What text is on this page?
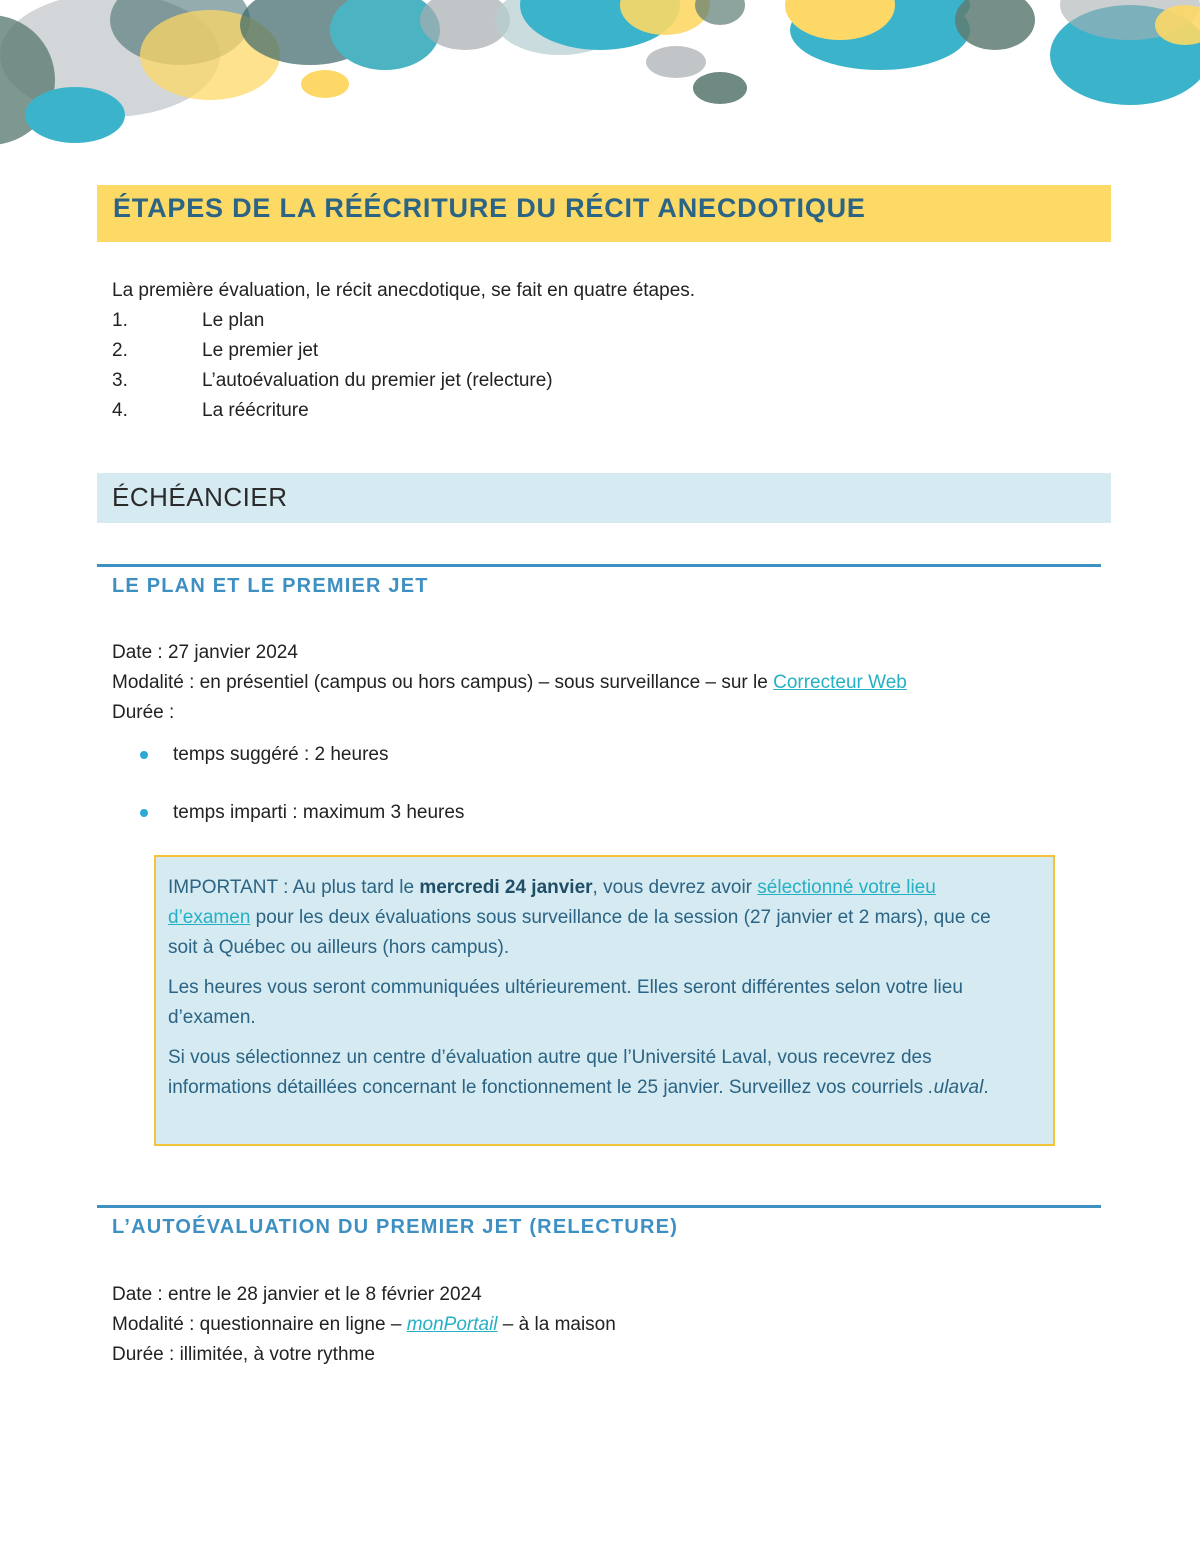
ÉTAPES DE LA RÉÉCRITURE DU RÉCIT ANECDOTIQUE

La première évaluation, le récit anecdotique, se fait en quatre étapes.

1.	Le plan
2.	Le premier jet
3.	L’autoévaluation du premier jet (relecture)
4.	La réécriture
ÉCHÉANCIER
LE PLAN ET LE PREMIER JET

Date : 27 janvier 2024

Modalité : en présentiel (campus ou hors campus) – sous surveillance – sur le Correcteur Web

Durée :

temps suggéré : 2 heures
temps imparti : maximum 3 heures

IMPORTANT : Au plus tard le mercredi 24 janvier, vous devrez avoir sélectionné votre lieu d’examen pour les deux évaluations sous surveillance de la session (27 janvier et 2 mars), que ce soit à Québec ou ailleurs (hors campus).

Les heures vous seront communiquées ultérieurement. Elles seront différentes selon votre lieu d’examen.

Si vous sélectionnez un centre d’évaluation autre que l’Université Laval, vous recevrez des informations détaillées concernant le fonctionnement le 25 janvier. Surveillez vos courriels .ulaval.

L’AUTOÉVALUATION DU PREMIER JET (RELECTURE)

Date : entre le 28 janvier et le 8 février 2024

Modalité : questionnaire en ligne – monPortail – à la maison

Durée : illimitée, à votre rythme
